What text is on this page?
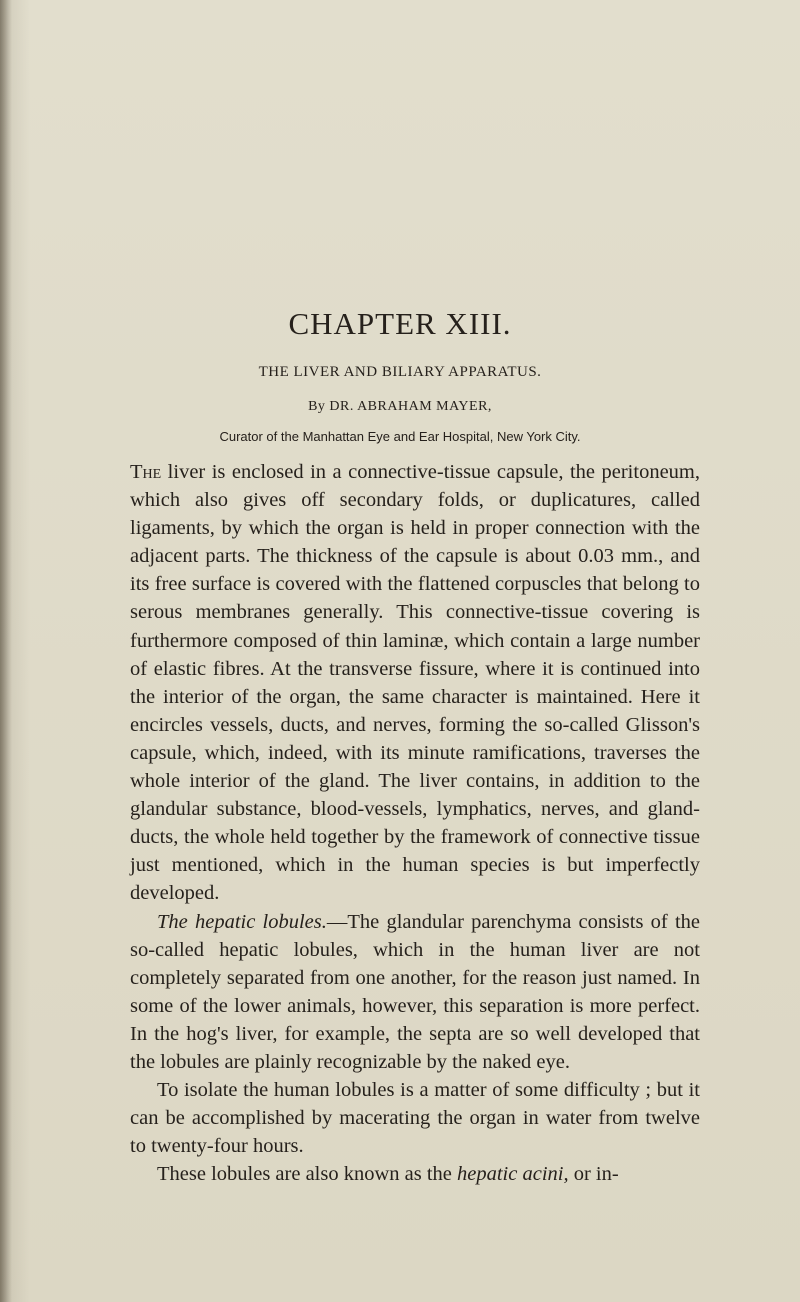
CHAPTER XIII.
THE LIVER AND BILIARY APPARATUS.

By DR. ABRAHAM MAYER,

Curator of the Manhattan Eye and Ear Hospital, New York City.

The liver is enclosed in a connective-tissue capsule, the peritoneum, which also gives off secondary folds, or duplicatures, called ligaments, by which the organ is held in proper connection with the adjacent parts. The thickness of the capsule is about 0.03 mm., and its free surface is covered with the flattened corpuscles that belong to serous membranes generally. This connective-tissue covering is furthermore composed of thin laminæ, which contain a large number of elastic fibres. At the transverse fissure, where it is continued into the interior of the organ, the same character is maintained. Here it encircles vessels, ducts, and nerves, forming the so-called Glisson's capsule, which, indeed, with its minute ramifications, traverses the whole interior of the gland. The liver contains, in addition to the glandular substance, blood-vessels, lymphatics, nerves, and gland-ducts, the whole held together by the framework of connective tissue just mentioned, which in the human species is but imperfectly developed.

The hepatic lobules.—The glandular parenchyma consists of the so-called hepatic lobules, which in the human liver are not completely separated from one another, for the reason just named. In some of the lower animals, however, this separation is more perfect. In the hog's liver, for example, the septa are so well developed that the lobules are plainly recognizable by the naked eye.

To isolate the human lobules is a matter of some difficulty ; but it can be accomplished by macerating the organ in water from twelve to twenty-four hours.

These lobules are also known as the hepatic acini, or in-
